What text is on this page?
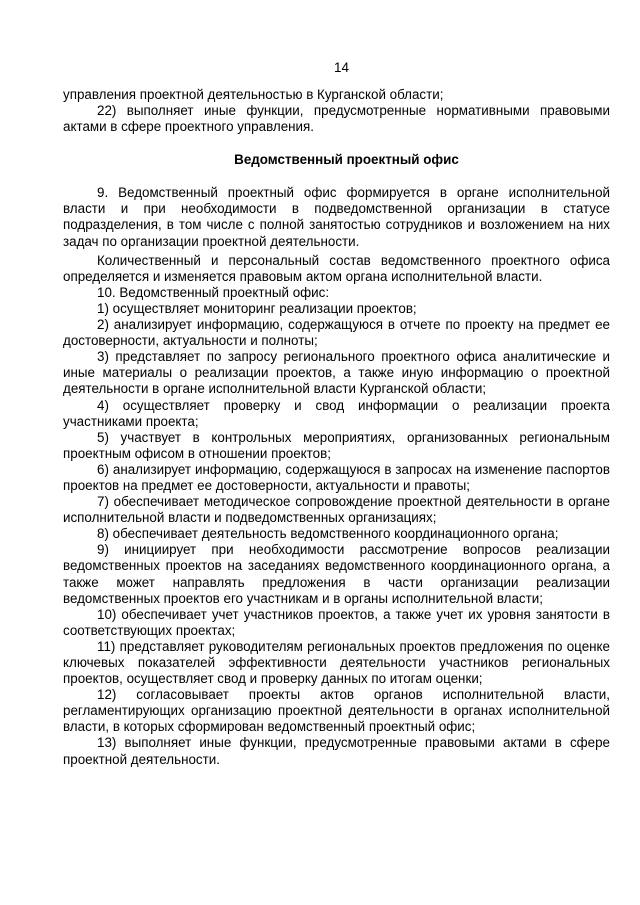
14

управления проектной деятельностью в Курганской области;

22) выполняет иные функции, предусмотренные нормативными правовыми актами в сфере проектного управления.

Ведомственный проектный офис

9. Ведомственный проектный офис формируется в органе исполнительной власти и при необходимости в подведомственной организации в статусе подразделения, в том числе с полной занятостью сотрудников и возложением на них задач по организации проектной деятельности.

Количественный и персональный состав ведомственного проектного офиса определяется и изменяется правовым актом органа исполнительной власти.

10. Ведомственный проектный офис:

1) осуществляет мониторинг реализации проектов;

2) анализирует информацию, содержащуюся в отчете по проекту на предмет ее достоверности, актуальности и полноты;

3) представляет по запросу регионального проектного офиса аналитические и иные материалы о реализации проектов, а также иную информацию о проектной деятельности в органе исполнительной власти Курганской области;

4) осуществляет проверку и свод информации о реализации проекта участниками проекта;

5) участвует в контрольных мероприятиях, организованных региональным проектным офисом в отношении проектов;

6) анализирует информацию, содержащуюся в запросах на изменение паспортов проектов на предмет ее достоверности, актуальности и правоты;

7) обеспечивает методическое сопровождение проектной деятельности в органе исполнительной власти и подведомственных организациях;

8) обеспечивает деятельность ведомственного координационного органа;

9) инициирует при необходимости рассмотрение вопросов реализации ведомственных проектов на заседаниях ведомственного координационного органа, а также может направлять предложения в части организации реализации ведомственных проектов его участникам и в органы исполнительной власти;

10) обеспечивает учет участников проектов, а также учет их уровня занятости в соответствующих проектах;

11) представляет руководителям региональных проектов предложения по оценке ключевых показателей эффективности деятельности участников региональных проектов, осуществляет свод и проверку данных по итогам оценки;

12) согласовывает проекты актов органов исполнительной власти, регламентирующих организацию проектной деятельности в органах исполнительной власти, в которых сформирован ведомственный проектный офис;

13) выполняет иные функции, предусмотренные правовыми актами в сфере проектной деятельности.
